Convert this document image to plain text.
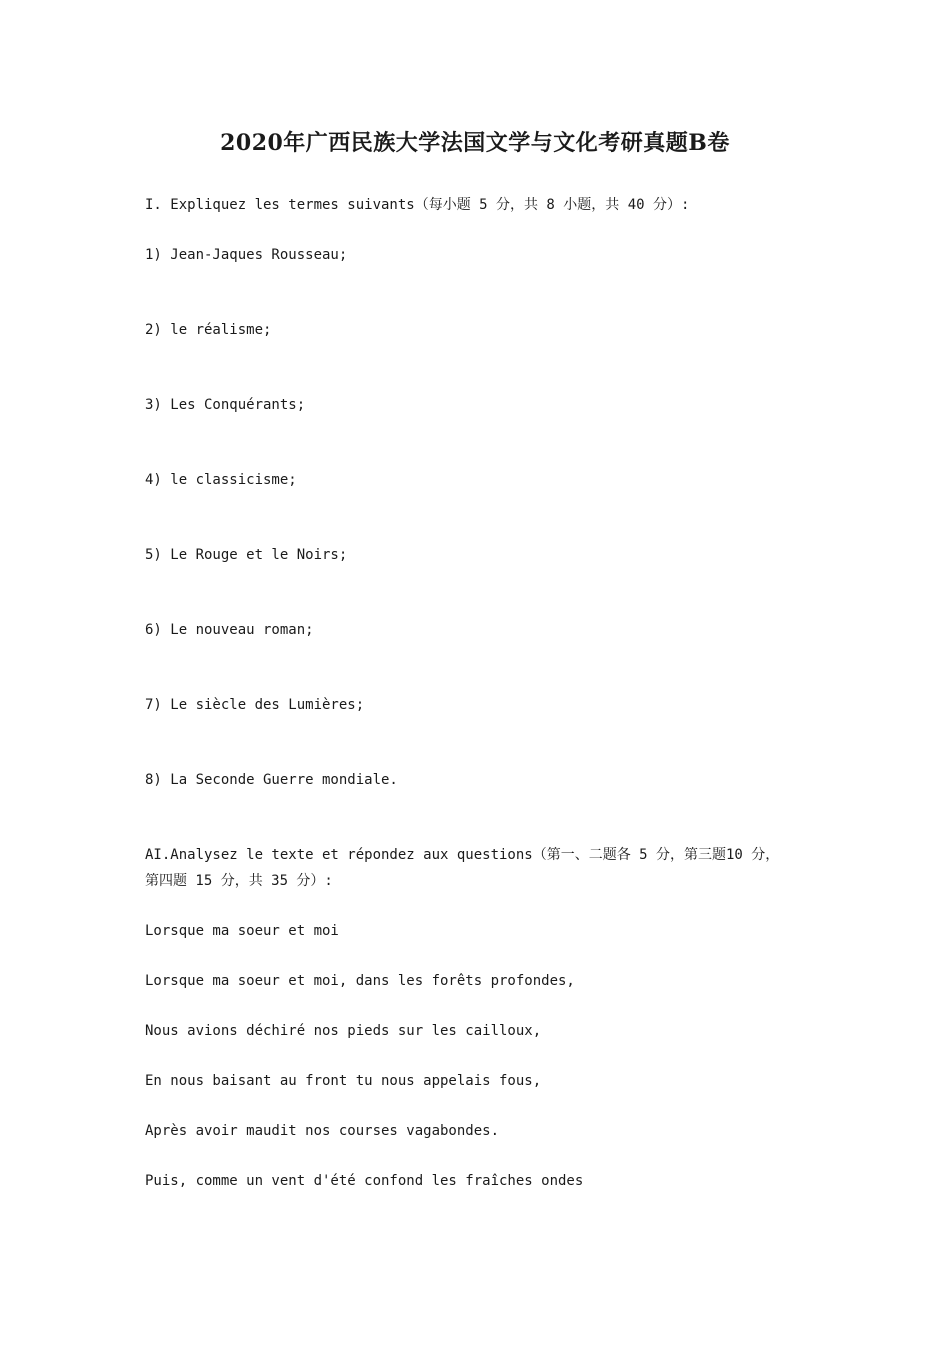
2020年广西民族大学法国文学与文化考研真题B卷
I. Expliquez les termes suivants（每小题 5 分，共 8 小题，共 40 分）:
1) Jean-Jaques Rousseau;
2) le réalisme;
3) Les Conquérants;
4) le classicisme;
5) Le Rouge et le Noirs;
6) Le nouveau roman;
7) Le siècle des Lumières;
8) La Seconde Guerre mondiale.
AI.Analysez le texte et répondez aux questions（第一、二题各 5 分，第三题10 分，
第四题 15 分，共 35 分）:
Lorsque ma soeur et moi
Lorsque ma soeur et moi, dans les forêts profondes,
Nous avions déchiré nos pieds sur les cailloux,
En nous baisant au front tu nous appelais fous,
Après avoir maudit nos courses vagabondes.
Puis, comme un vent d'été confond les fraîches ondes
